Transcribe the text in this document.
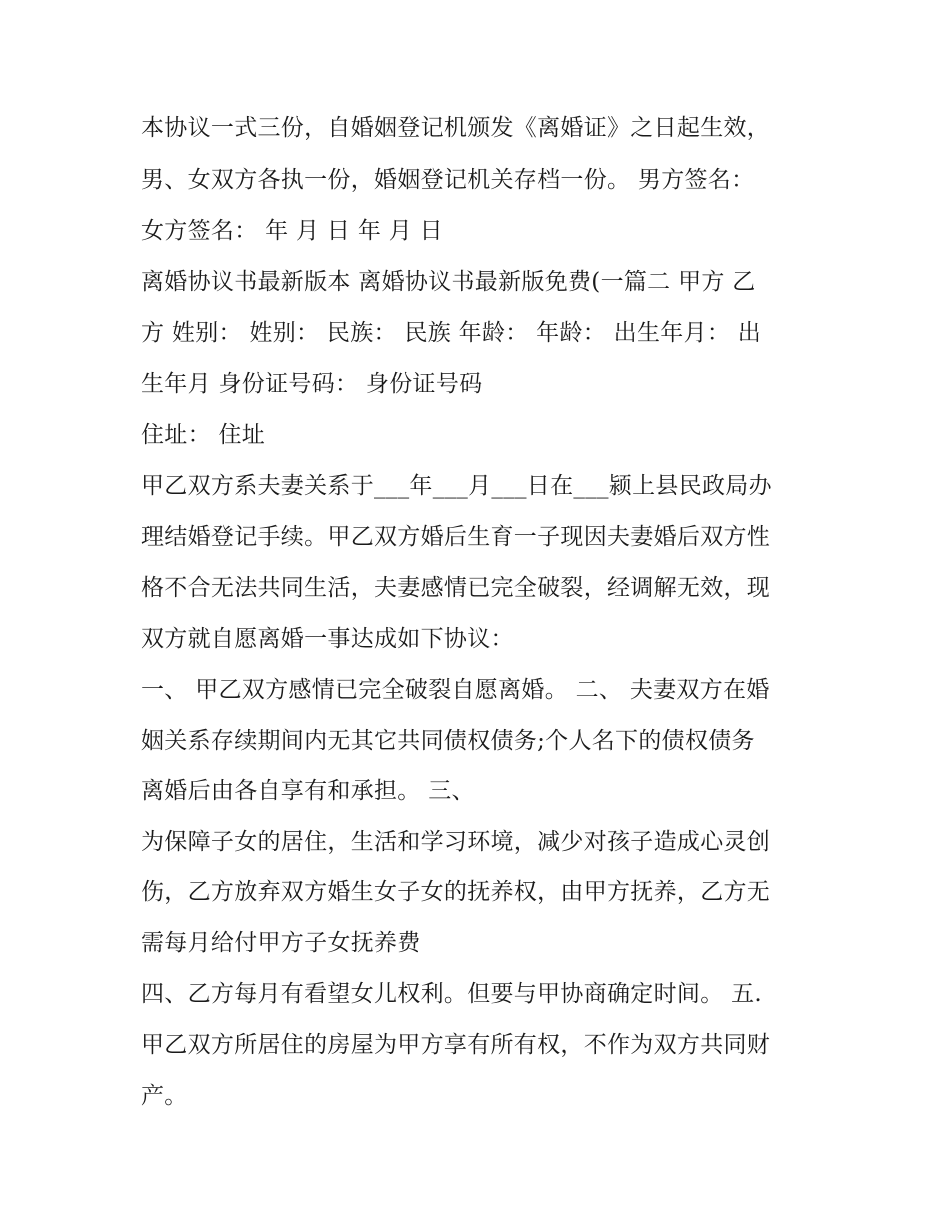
本协议一式三份，自婚姻登记机颁发《离婚证》之日起生效，
男、女双方各执一份，婚姻登记机关存档一份。 男方签名：
女方签名： 年 月 日 年 月 日
离婚协议书最新版本 离婚协议书最新版免费(一篇二 甲方 乙
方 姓别： 姓别： 民族： 民族 年龄： 年龄： 出生年月： 出
生年月 身份证号码： 身份证号码
住址： 住址
甲乙双方系夫妻关系于___年___月___日在___颍上县民政局办
理结婚登记手续。甲乙双方婚后生育一子现因夫妻婚后双方性
格不合无法共同生活，夫妻感情已完全破裂，经调解无效，现
双方就自愿离婚一事达成如下协议：
一、 甲乙双方感情已完全破裂自愿离婚。 二、 夫妻双方在婚
姻关系存续期间内无其它共同债权债务;个人名下的债权债务
离婚后由各自享有和承担。 三、
为保障子女的居住，生活和学习环境，减少对孩子造成心灵创
伤，乙方放弃双方婚生女子女的抚养权，由甲方抚养，乙方无
需每月给付甲方子女抚养费
四、乙方每月有看望女儿权利。但要与甲协商确定时间。 五.
甲乙双方所居住的房屋为甲方享有所有权，不作为双方共同财
产。
